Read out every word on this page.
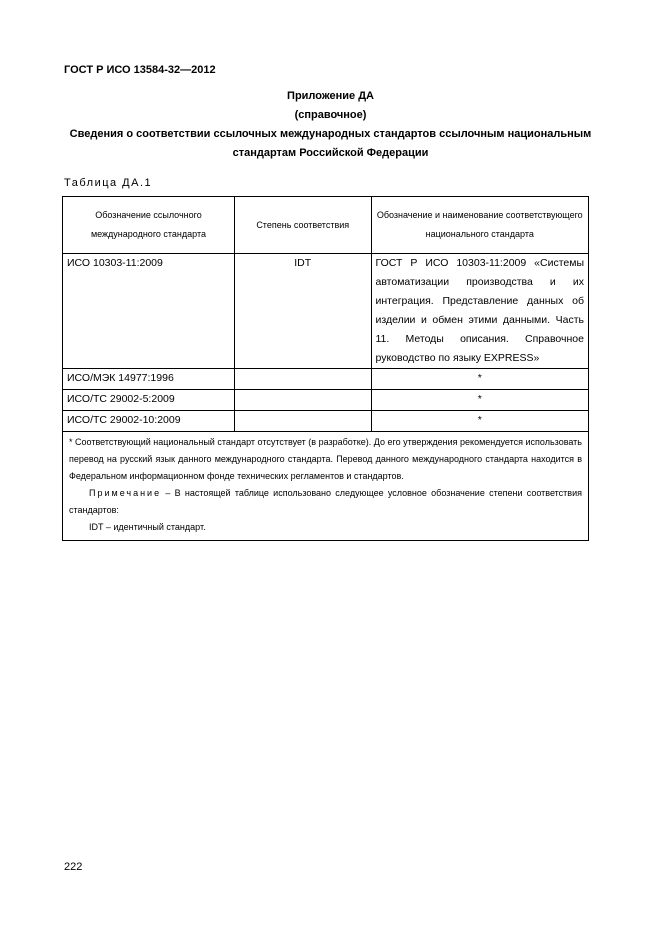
ГОСТ Р ИСО 13584-32—2012
Приложение ДА
(справочное)
Сведения о соответствии ссылочных международных стандартов ссылочным национальным
стандартам Российской Федерации
Таблица ДА.1
Обозначение ссылочного международного стандарта	Степень соответствия	Обозначение и наименование соответствующего национального стандарта
ИСО 10303-11:2009	IDT	ГОСТ Р ИСО 10303-11:2009 «Системы автоматизации производства и их интеграция. Представление данных об изделии и обмен этими данными. Часть 11. Методы описания. Справочное руководство по языку EXPRESS»
ИСО/МЭК 14977:1996		*
ИСО/ТС 29002-5:2009		*
ИСО/ТС 29002-10:2009		*

* Соответствующий национальный стандарт отсутствует (в разработке). До его утверждения рекомендуется использовать перевод на русский язык данного международного стандарта. Перевод данного международного стандарта находится в Федеральном информационном фонде технических регламентов и стандартов.

Примечание – В настоящей таблице использовано следующее условное обозначение степени соответствия стандартов:

IDT – идентичный стандарт.		

222
